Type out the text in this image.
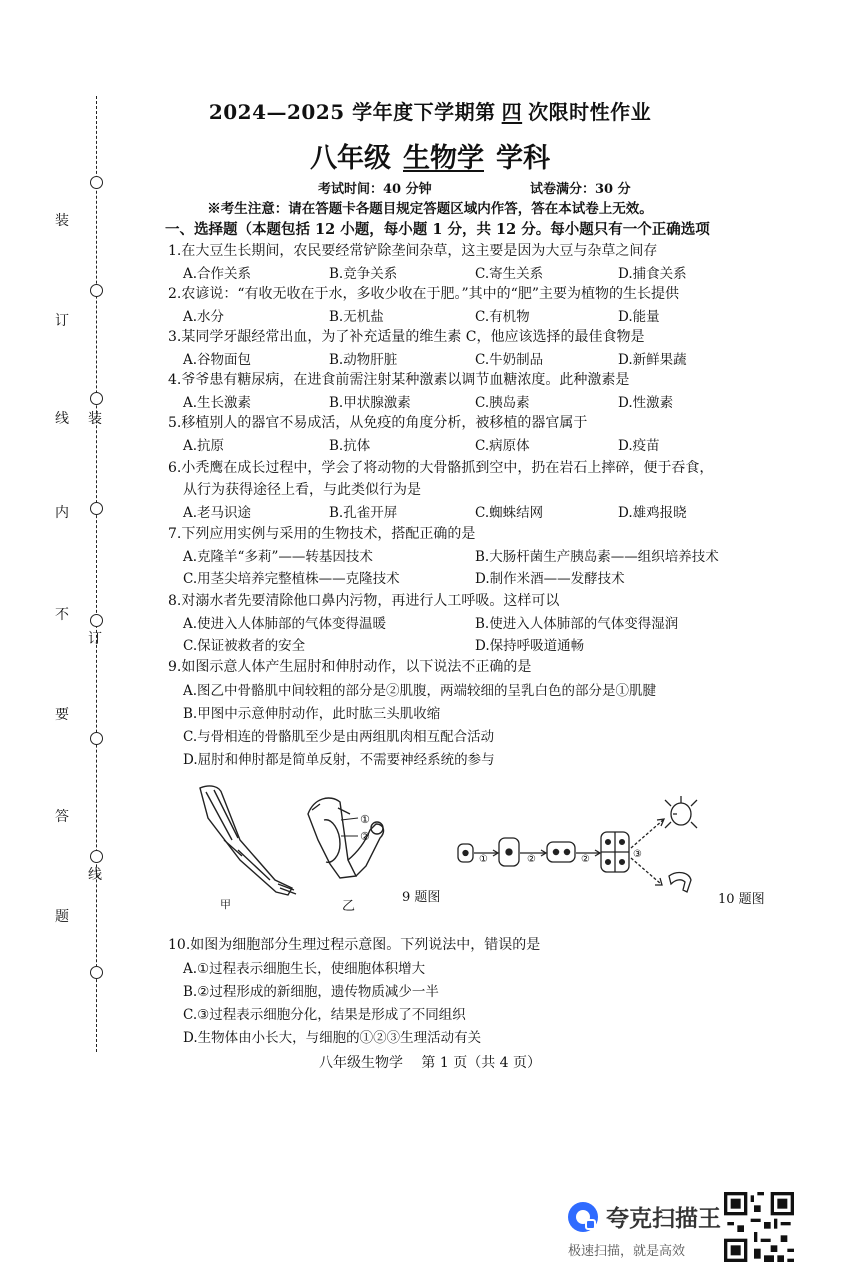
装
订
线
内
不
要
答
题
装
订
线
2024—2025 学年度下学期第 四 次限时性作业
八年级 生物学 学科
考试时间：40 分钟	试卷满分：30 分
※考生注意：请在答题卡各题目规定答题区域内作答，答在本试卷上无效。
一、选择题（本题包括 12 小题，每小题 1 分，共 12 分。每小题只有一个正确选项
1.在大豆生长期间，农民要经常铲除垄间杂草，这主要是因为大豆与杂草之间存
A.合作关系	B.竞争关系	C.寄生关系	D.捕食关系
2.农谚说：“有收无收在于水，多收少收在于肥。”其中的“肥”主要为植物的生长提供
A.水分	B.无机盐	C.有机物	D.能量
3.某同学牙龈经常出血，为了补充适量的维生素 C，他应该选择的最佳食物是
A.谷物面包	B.动物肝脏	C.牛奶制品	D.新鲜果蔬
4.爷爷患有糖尿病，在进食前需注射某种激素以调节血糖浓度。此种激素是
A.生长激素	B.甲状腺激素	C.胰岛素	D.性激素
5.移植别人的器官不易成活，从免疫的角度分析，被移植的器官属于
A.抗原	B.抗体	C.病原体	D.疫苗
6.小秃鹰在成长过程中，学会了将动物的大骨骼抓到空中，扔在岩石上摔碎，便于吞食，
从行为获得途径上看，与此类似行为是
A.老马识途	B.孔雀开屏	C.蜘蛛结网	D.雄鸡报晓
7.下列应用实例与采用的生物技术，搭配正确的是
A.克隆羊“多莉”——转基因技术	B.大肠杆菌生产胰岛素——组织培养技术
C.用茎尖培养完整植株——克隆技术	D.制作米酒——发酵技术
8.对溺水者先要清除他口鼻内污物，再进行人工呼吸。这样可以
A.使进入人体肺部的气体变得温暖	B.使进入人体肺部的气体变得湿润
C.保证被救者的安全	D.保持呼吸道通畅
9.如图示意人体产生屈肘和伸肘动作，以下说法不正确的是
A.图乙中骨骼肌中间较粗的部分是②肌腹，两端较细的呈乳白色的部分是①肌腱
B.甲图中示意伸肘动作，此时肱三头肌收缩
C.与骨相连的骨骼肌至少是由两组肌肉相互配合活动
D.屈肘和伸肘都是简单反射，不需要神经系统的参与
①
②
甲	乙
9 题图
①	②	②	③
10 题图
10.如图为细胞部分生理过程示意图。下列说法中，错误的是
A.①过程表示细胞生长，使细胞体积增大
B.②过程形成的新细胞，遗传物质减少一半
C.③过程表示细胞分化，结果是形成了不同组织
D.生物体由小长大，与细胞的①②③生理活动有关
八年级生物学　 第 1 页（共 4 页）
夸克扫描王
极速扫描，就是高效
